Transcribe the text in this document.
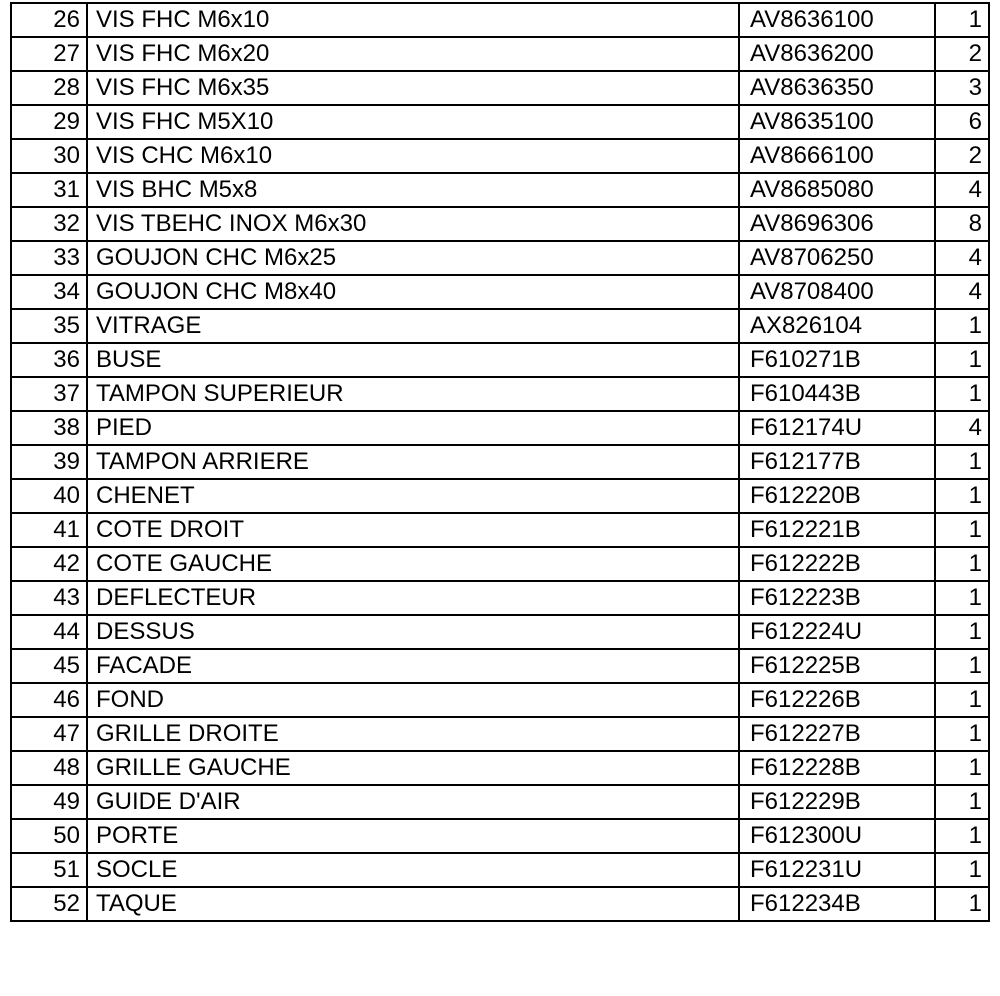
26	VIS FHC M6x10	AV8636100	1
27	VIS FHC M6x20	AV8636200	2
28	VIS FHC M6x35	AV8636350	3
29	VIS FHC M5X10	AV8635100	6
30	VIS CHC M6x10	AV8666100	2
31	VIS BHC M5x8	AV8685080	4
32	VIS TBEHC INOX M6x30	AV8696306	8
33	GOUJON CHC M6x25	AV8706250	4
34	GOUJON CHC M8x40	AV8708400	4
35	VITRAGE	AX826104	1
36	BUSE	F610271B	1
37	TAMPON SUPERIEUR	F610443B	1
38	PIED	F612174U	4
39	TAMPON ARRIERE	F612177B	1
40	CHENET	F612220B	1
41	COTE DROIT	F612221B	1
42	COTE GAUCHE	F612222B	1
43	DEFLECTEUR	F612223B	1
44	DESSUS	F612224U	1
45	FACADE	F612225B	1
46	FOND	F612226B	1
47	GRILLE DROITE	F612227B	1
48	GRILLE GAUCHE	F612228B	1
49	GUIDE D'AIR	F612229B	1
50	PORTE	F612300U	1
51	SOCLE	F612231U	1
52	TAQUE	F612234B	1
